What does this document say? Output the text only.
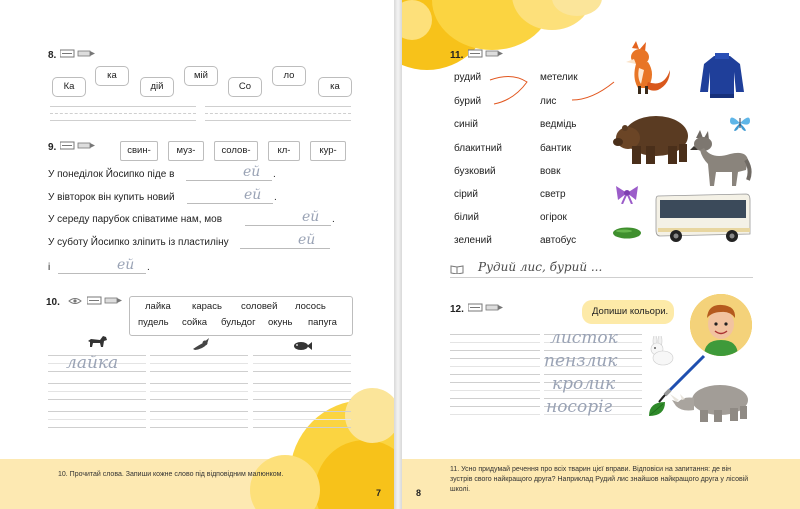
10. Прочитай слова. Запиши кожне слово під відповідним малюнком.
7
8.
Ка
ка
дій
мій
Со
ло
ка
9.	свин-	муз-	солов-	кл-	кур-
У понеділок Йосипко піде в	ей .
У вівторок він купить новий	ей .
У середу парубок співатиме нам, мов	ей .
У суботу Йосипко зліпить із пластиліну	ей
і	ей .
10.	лайка карась соловей лосось
пудель сойка бульдог окунь папуга
лайка
11. Усно придумай речення про всіх тварин цієї вправи. Відповіси на запитання: де він зустрів свого найкращого друга? Наприклад Рудий лис знайшов найкращого друга у лісовій школі.
8
11.
рудий
бурий
синій
блакитний
бузковий
сірий
білий
зелений
метелик
лис
ведмідь
бантик
вовк
светр
огірок
автобус
Рудий лис, бурий ...
12.	Допиши кольори.
листок
пензлик
кролик
носоріг
